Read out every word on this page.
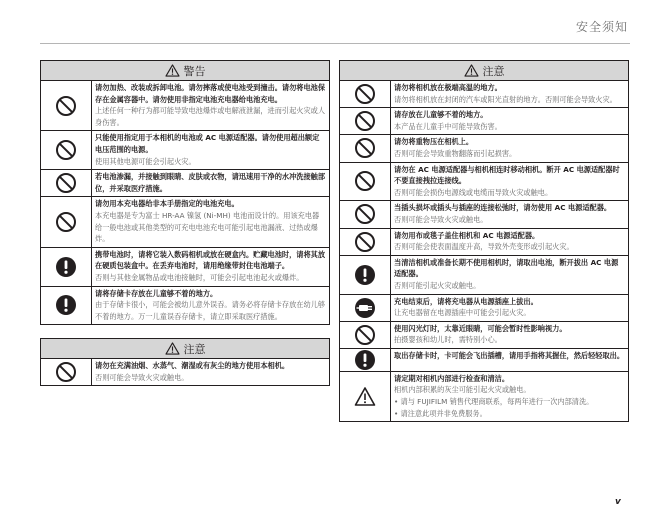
安全须知
警告
请勿加热、改装或拆卸电池。请勿摔落或使电池受到撞击。请勿将电池保存在金属容器中。请勿使用非指定电池充电器给电池充电。
上述任何一种行为都可能导致电池爆炸或电解液泄漏，进而引起火灾或人身伤害。
只能使用指定用于本相机的电池或 AC 电源适配器。请勿使用超出额定电压范围的电源。
使用其他电源可能会引起火灾。
若电池渗漏，并接触到眼睛、皮肤或衣物，请迅速用干净的水冲洗接触部位，并采取医疗措施。
请勿用本充电器给非本手册指定的电池充电。
本充电器是专为富士 HR-AA 镍氢 (Ni-MH) 电池而设计的。用该充电器给一般电池或其他类型的可充电电池充电可能引起电池漏液、过热或爆炸。
携带电池时，请将它装入数码相机或放在硬盒内。贮藏电池时，请将其放在硬质包装盒中。在丢弃电池时，请用绝缘带封住电池端子。
否则与其他金属物品或电池接触时，可能会引起电池起火或爆炸。
请将存储卡存放在儿童够不着的地方。
由于存储卡很小，可能会被幼儿意外误吞。请务必将存储卡存放在幼儿够不着的地方。万一儿童误吞存储卡，请立即采取医疗措施。
注意
请勿在充满油烟、水蒸气、潮湿或有灰尘的地方使用本相机。
否则可能会导致火灾或触电。
注意
请勿将相机放在极端高温的地方。
请勿将相机放在封闭的汽车或阳光直射的地方。否则可能会导致火灾。
请存放在儿童够不着的地方。
本产品在儿童手中可能导致伤害。
请勿将重物压在相机上。
否则可能会导致重物翻落而引起损害。
请勿在 AC 电源适配器与相机相连时移动相机。断开 AC 电源适配器时不要直接拽拉连接线。
否则可能会损伤电源线或电缆而导致火灾或触电。
当插头损坏或插头与插座的连接松弛时，请勿使用 AC 电源适配器。
否则可能会导致火灾或触电。
请勿用布或毯子盖住相机和 AC 电源适配器。
否则可能会使表面温度升高，导致外壳变形或引起火灾。
当清洁相机或准备长期不使用相机时，请取出电池，断开拔出 AC 电源适配器。
否则可能引起火灾或触电。
充电结束后，请将充电器从电源插座上拔出。
让充电器留在电源插座中可能会引起火灾。
使用闪光灯时，太靠近眼睛，可能会暂时性影响视力。
拍摄婴孩和幼儿时，需特别小心。
取出存储卡时，卡可能会飞出插槽，请用手指将其握住，然后轻轻取出。
请定期对相机内部进行检查和清洁。
相机内部积累的灰尘可能引起火灾或触电。
• 请与 FUJIFILM 销售代理商联系，每两年进行一次内部清洗。
• 请注意此项并非免费服务。
v
